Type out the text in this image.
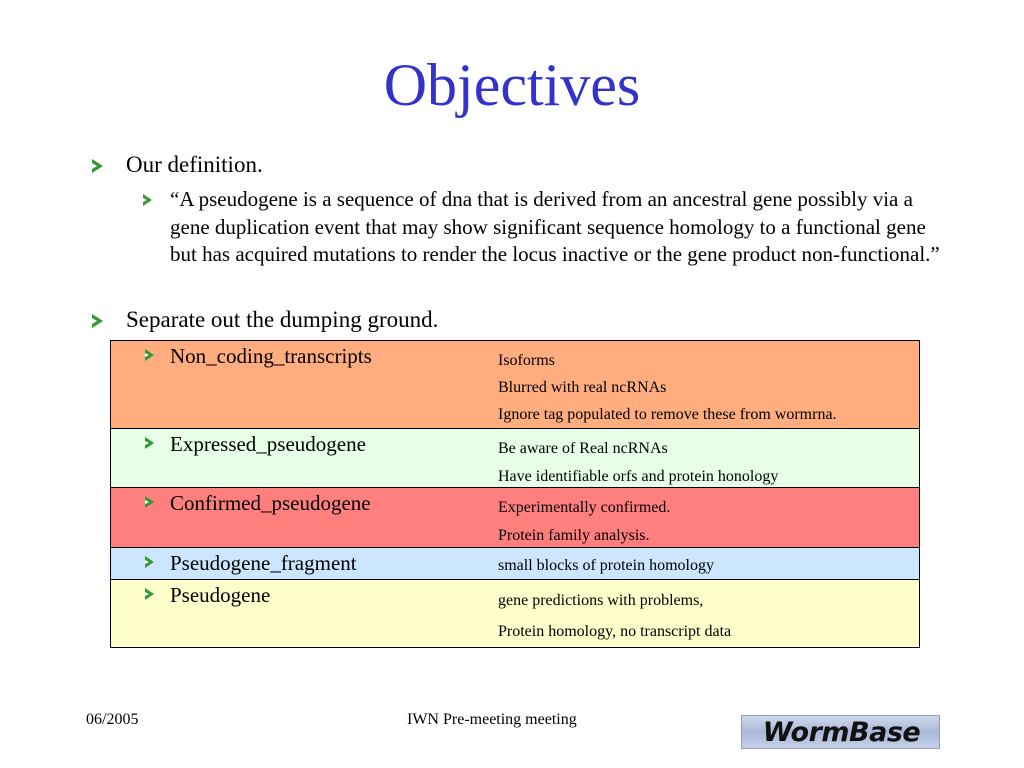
Objectives
Our definition.
“A pseudogene is a sequence of dna that is derived from an ancestral gene possibly via a gene duplication event that may show significant sequence homology to a functional gene but has acquired mutations to render the locus inactive or the gene product non-functional.”
Separate out the dumping ground.
Non_coding_transcripts	Isoforms
Blurred with real ncRNAs
Ignore tag populated to remove these from wormrna.
Expressed_pseudogene	Be aware of Real ncRNAs
Have identifiable orfs and protein honology
Confirmed_pseudogene	Experimentally confirmed.
Protein family analysis.
Pseudogene_fragment	small blocks of protein homology
Pseudogene	gene predictions with problems,
Protein homology, no transcript data
06/2005	IWN Pre-meeting meeting	WormBase
